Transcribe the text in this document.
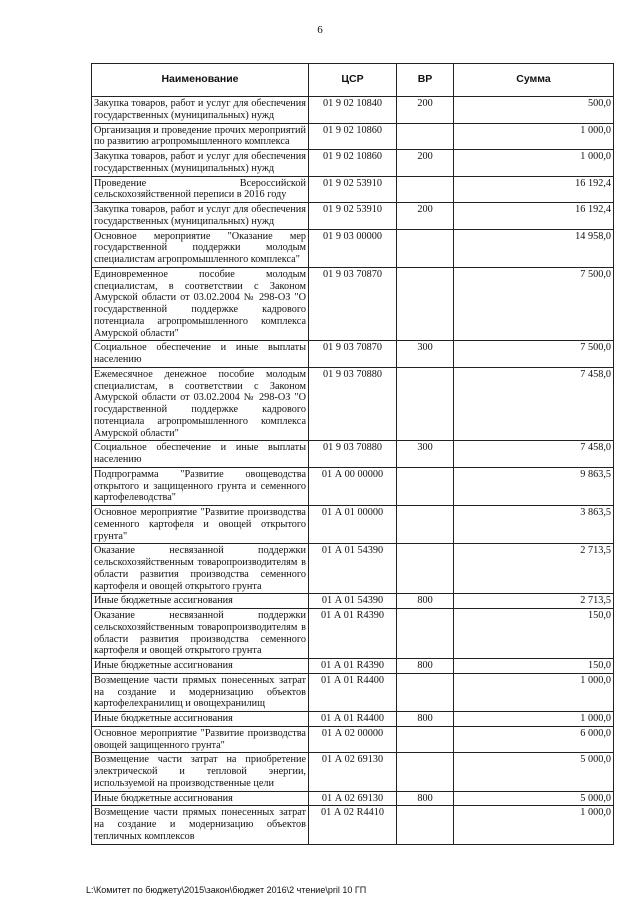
6
Наименование	ЦСР	ВР	Сумма
Закупка товаров, работ и услуг для обеспечения государственных (муниципальных) нужд	01 9 02 10840	200	500,0
Организация и проведение прочих мероприятий по развитию агропромышленного комплекса	01 9 02 10860		1 000,0
Закупка товаров, работ и услуг для обеспечения государственных (муниципальных) нужд	01 9 02 10860	200	1 000,0
Проведение Всероссийской сельскохозяйственной переписи в 2016 году	01 9 02 53910		16 192,4
Закупка товаров, работ и услуг для обеспечения государственных (муниципальных) нужд	01 9 02 53910	200	16 192,4
Основное мероприятие "Оказание мер государственной поддержки молодым специалистам агропромышленного комплекса"	01 9 03 00000		14 958,0
Единовременное пособие молодым специалистам, в соответствии с Законом Амурской области от 03.02.2004 № 298-ОЗ "О государственной поддержке кадрового потенциала агропромышленного комплекса Амурской области"	01 9 03 70870		7 500,0
Социальное обеспечение и иные выплаты населению	01 9 03 70870	300	7 500,0
Ежемесячное денежное пособие молодым специалистам, в соответствии с Законом Амурской области от 03.02.2004 № 298-ОЗ "О государственной поддержке кадрового потенциала агропромышленного комплекса Амурской области"	01 9 03 70880		7 458,0
Социальное обеспечение и иные выплаты населению	01 9 03 70880	300	7 458,0
Подпрограмма "Развитие овощеводства открытого и защищенного грунта и семенного картофелеводства"	01 А 00 00000		9 863,5
Основное мероприятие "Развитие производства семенного картофеля и овощей открытого грунта"	01 А 01 00000		3 863,5
Оказание несвязанной поддержки сельскохозяйственным товаропроизводителям в области развития производства семенного картофеля и овощей открытого грунта	01 А 01 54390		2 713,5
Иные бюджетные ассигнования	01 А 01 54390	800	2 713,5
Оказание несвязанной поддержки сельскохозяйственным товаропроизводителям в области развития производства семенного картофеля и овощей открытого грунта	01 А 01 R4390		150,0
Иные бюджетные ассигнования	01 А 01 R4390	800	150,0
Возмещение части прямых понесенных затрат на создание и модернизацию объектов картофелехранилищ и овощехранилищ	01 А 01 R4400		1 000,0
Иные бюджетные ассигнования	01 А 01 R4400	800	1 000,0
Основное мероприятие "Развитие производства овощей защищенного грунта"	01 А 02 00000		6 000,0
Возмещение части затрат на приобретение электрической и тепловой энергии, используемой на производственные цели	01 А 02 69130		5 000,0
Иные бюджетные ассигнования	01 А 02 69130	800	5 000,0
Возмещение части прямых понесенных затрат на создание и модернизацию объектов тепличных комплексов	01 А 02 R4410		1 000,0
L:\Комитет по бюджету\2015\закон\бюджет 2016\2 чтение\pril 10 ГП
